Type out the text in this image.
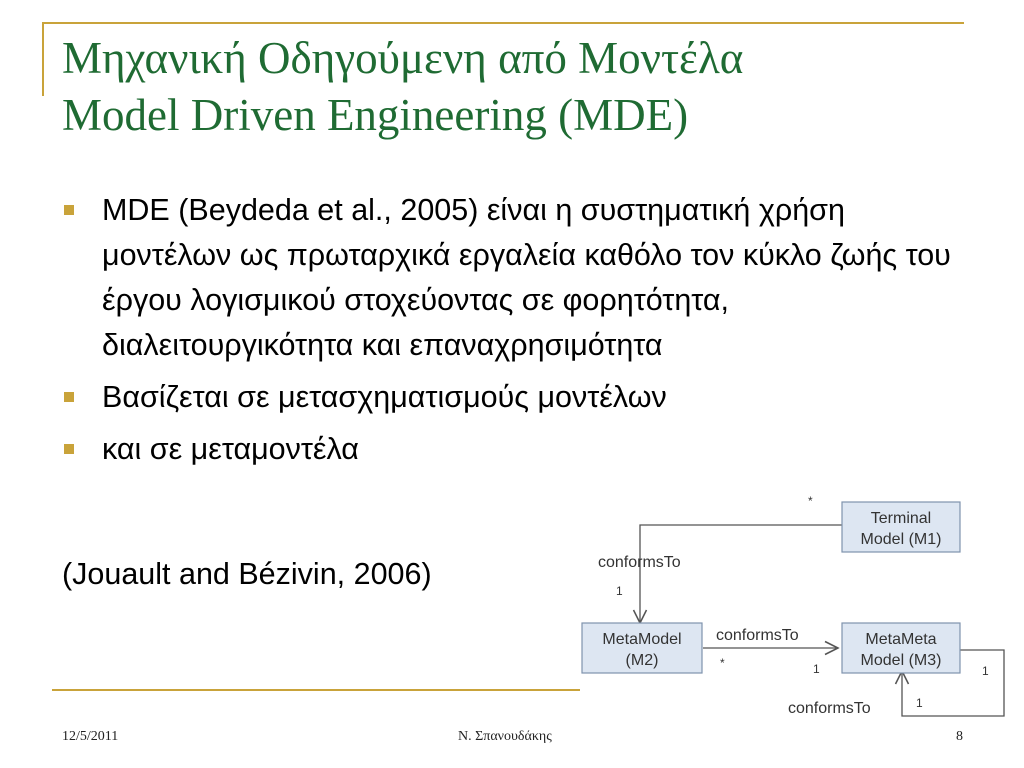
Μηχανική Οδηγούμενη από Μοντέλα
Model Driven Engineering (MDE)
MDE (Beydeda et al., 2005) είναι η συστηματική χρήση μοντέλων ως πρωταρχικά εργαλεία καθόλο τον κύκλο ζωής του έργου λογισμικού στοχεύοντας σε φορητότητα, διαλειτουργικότητα και επαναχρησιμότητα
Βασίζεται σε μετασχηματισμούς μοντέλων
και σε μεταμοντέλα
(Jouault and Bézivin, 2006)
Terminal
Model (M1)
MetaModel
(M2)
MetaMeta
Model (M3)
conformsTo
conformsTo
conformsTo
*
1
*	1	1
1
12/5/2011	Ν. Σπανουδάκης	8
